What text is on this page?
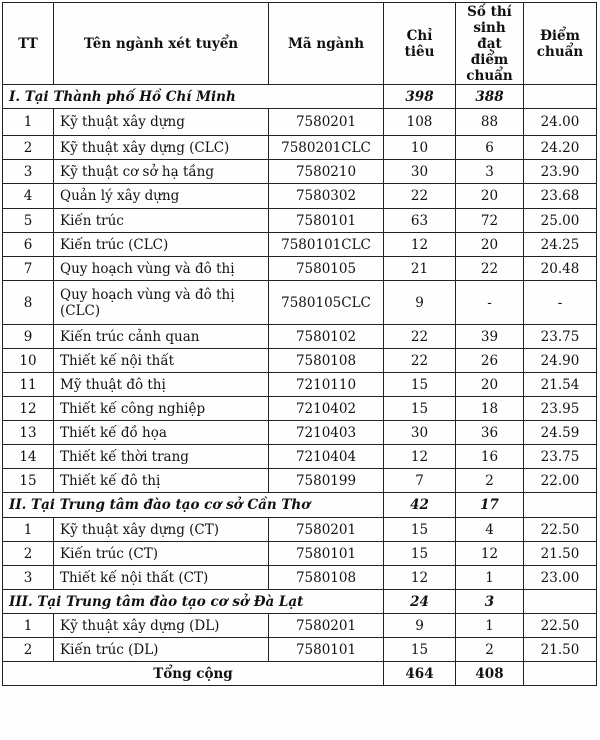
TT	Tên ngành xét tuyển	Mã ngành	Chỉ tiêu	Số thí sinh đạt điểm chuẩn	Điểm chuẩn
I. Tại Thành phố Hồ Chí Minh			398	388	
1	Kỹ thuật xây dựng	7580201	108	88	24.00
2	Kỹ thuật xây dựng (CLC)	7580201CLC	10	6	24.20
3	Kỹ thuật cơ sở hạ tầng	7580210	30	3	23.90
4	Quản lý xây dựng	7580302	22	20	23.68
5	Kiến trúc	7580101	63	72	25.00
6	Kiến trúc (CLC)	7580101CLC	12	20	24.25
7	Quy hoạch vùng và đô thị	7580105	21	22	20.48
8	Quy hoạch vùng và đô thị (CLC)	7580105CLC	9	-	-
9	Kiến trúc cảnh quan	7580102	22	39	23.75
10	Thiết kế nội thất	7580108	22	26	24.90
11	Mỹ thuật đô thị	7210110	15	20	21.54
12	Thiết kế công nghiệp	7210402	15	18	23.95
13	Thiết kế đồ họa	7210403	30	36	24.59
14	Thiết kế thời trang	7210404	12	16	23.75
15	Thiết kế đô thị	7580199	7	2	22.00
II. Tại Trung tâm đào tạo cơ sở Cần Thơ			42	17	
1	Kỹ thuật xây dựng (CT)	7580201	15	4	22.50
2	Kiến trúc (CT)	7580101	15	12	21.50
3	Thiết kế nội thất (CT)	7580108	12	1	23.00
III. Tại Trung tâm đào tạo cơ sở Đà Lạt			24	3	
1	Kỹ thuật xây dựng (DL)	7580201	9	1	22.50
2	Kiến trúc (DL)	7580101	15	2	21.50
Tổng cộng			464	408	
